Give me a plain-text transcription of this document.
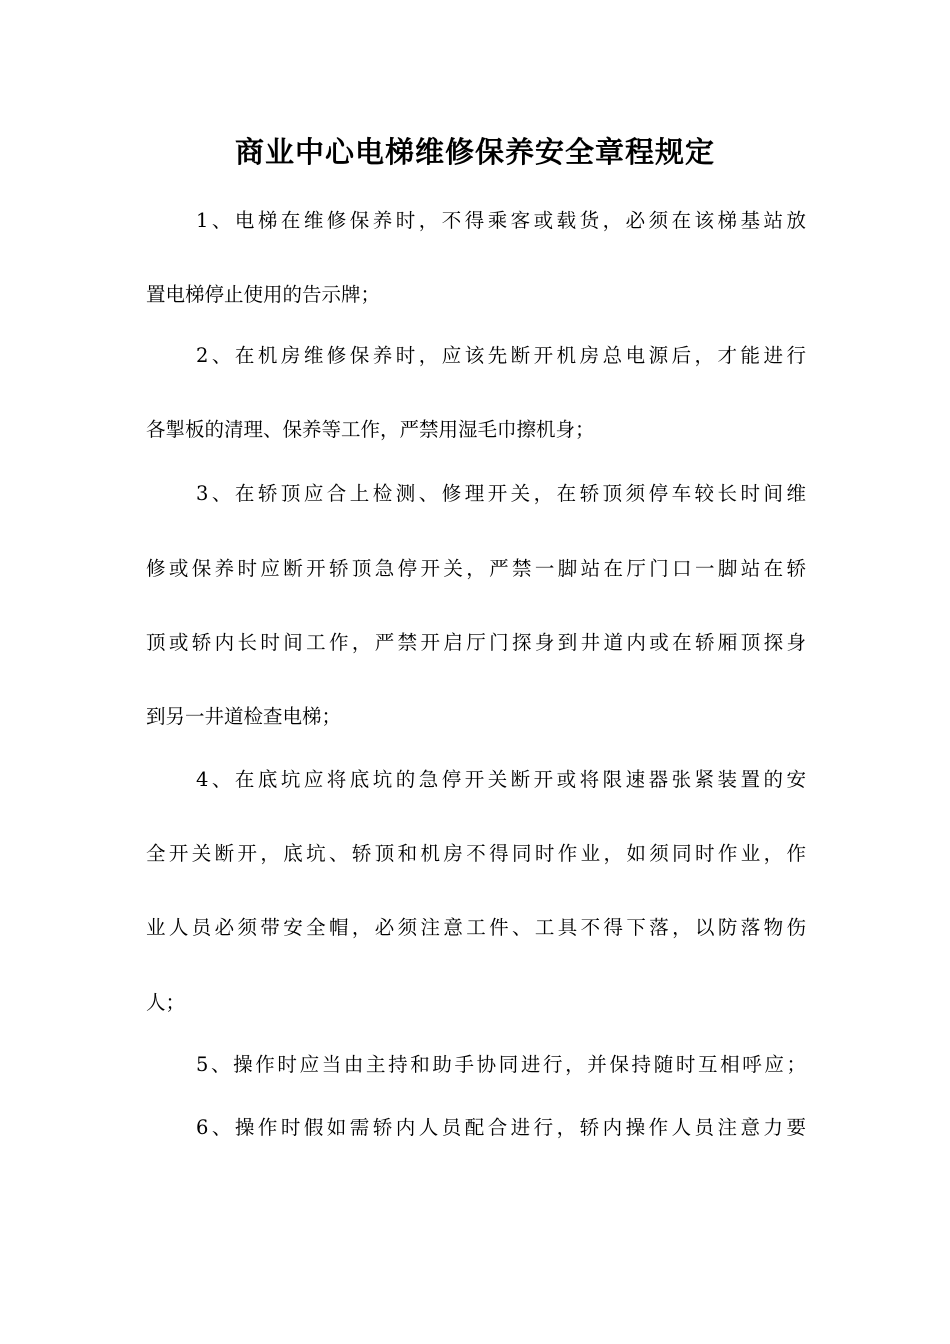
商业中心电梯维修保养安全章程规定
1、电梯在维修保养时，不得乘客或载货，必须在该梯基站放
置电梯停止使用的告示牌；
2、在机房维修保养时，应该先断开机房总电源后，才能进行
各掣板的清理、保养等工作，严禁用湿毛巾擦机身；
3、在轿顶应合上检测、修理开关，在轿顶须停车较长时间维
修或保养时应断开轿顶急停开关，严禁一脚站在厅门口一脚站在轿
顶或轿内长时间工作，严禁开启厅门探身到井道内或在轿厢顶探身
到另一井道检查电梯；
4、在底坑应将底坑的急停开关断开或将限速器张紧装置的安
全开关断开，底坑、轿顶和机房不得同时作业，如须同时作业，作
业人员必须带安全帽，必须注意工件、工具不得下落，以防落物伤
人；
5、操作时应当由主持和助手协同进行，并保持随时互相呼应；
6、操作时假如需轿内人员配合进行，轿内操作人员注意力要
